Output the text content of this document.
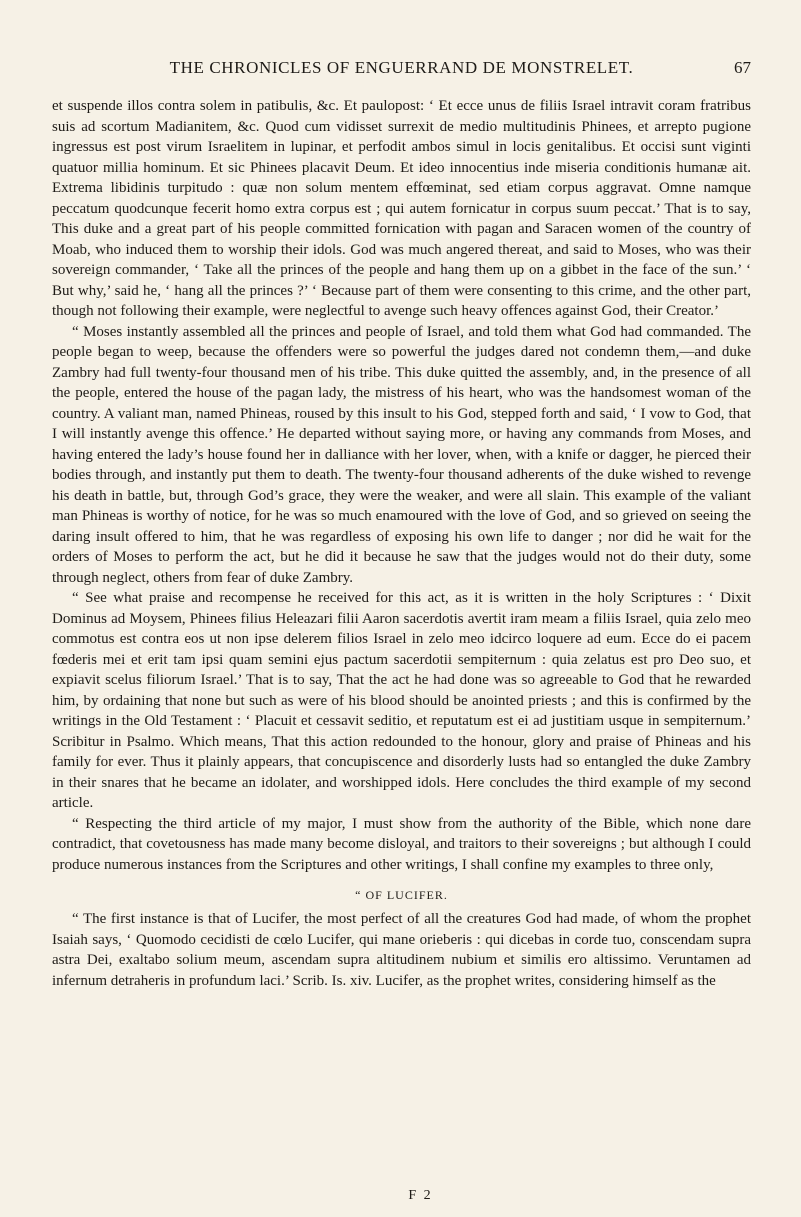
THE CHRONICLES OF ENGUERRAND DE MONSTRELET.	67

et suspende illos contra solem in patibulis, &c. Et paulopost: ‘ Et ecce unus de filiis Israel intravit coram fratribus suis ad scortum Madianitem, &c. Quod cum vidisset surrexit de medio multitudinis Phinees, et arrepto pugione ingressus est post virum Israelitem in lupinar, et perfodit ambos simul in locis genitalibus. Et occisi sunt viginti quatuor millia hominum. Et sic Phinees placavit Deum. Et ideo innocentius inde miseria conditionis humanæ ait. Extrema libidinis turpitudo : quæ non solum mentem effœminat, sed etiam corpus aggravat. Omne namque peccatum quodcunque fecerit homo extra corpus est ; qui autem fornicatur in corpus suum peccat.’ That is to say, This duke and a great part of his people committed fornication with pagan and Saracen women of the country of Moab, who induced them to worship their idols. God was much angered thereat, and said to Moses, who was their sovereign commander, ‘ Take all the princes of the people and hang them up on a gibbet in the face of the sun.’ ‘ But why,’ said he, ‘ hang all the princes ?’ ‘ Because part of them were consenting to this crime, and the other part, though not following their example, were neglectful to avenge such heavy offences against God, their Creator.’

“ Moses instantly assembled all the princes and people of Israel, and told them what God had commanded. The people began to weep, because the offenders were so powerful the judges dared not condemn them,—and duke Zambry had full twenty-four thousand men of his tribe. This duke quitted the assembly, and, in the presence of all the people, entered the house of the pagan lady, the mistress of his heart, who was the handsomest woman of the country. A valiant man, named Phineas, roused by this insult to his God, stepped forth and said, ‘ I vow to God, that I will instantly avenge this offence.’ He departed without saying more, or having any commands from Moses, and having entered the lady’s house found her in dalliance with her lover, when, with a knife or dagger, he pierced their bodies through, and instantly put them to death. The twenty-four thousand adherents of the duke wished to revenge his death in battle, but, through God’s grace, they were the weaker, and were all slain. This example of the valiant man Phineas is worthy of notice, for he was so much enamoured with the love of God, and so grieved on seeing the daring insult offered to him, that he was regardless of exposing his own life to danger ; nor did he wait for the orders of Moses to perform the act, but he did it because he saw that the judges would not do their duty, some through neglect, others from fear of duke Zambry.

“ See what praise and recompense he received for this act, as it is written in the holy Scriptures : ‘ Dixit Dominus ad Moysem, Phinees filius Heleazari filii Aaron sacerdotis avertit iram meam a filiis Israel, quia zelo meo commotus est contra eos ut non ipse delerem filios Israel in zelo meo idcirco loquere ad eum. Ecce do ei pacem fœderis mei et erit tam ipsi quam semini ejus pactum sacerdotii sempiternum : quia zelatus est pro Deo suo, et expiavit scelus filiorum Israel.’ That is to say, That the act he had done was so agreeable to God that he rewarded him, by ordaining that none but such as were of his blood should be anointed priests ; and this is confirmed by the writings in the Old Testament : ‘ Placuit et cessavit seditio, et reputatum est ei ad justitiam usque in sempiternum.’ Scribitur in Psalmo. Which means, That this action redounded to the honour, glory and praise of Phineas and his family for ever. Thus it plainly appears, that concupiscence and disorderly lusts had so entangled the duke Zambry in their snares that he became an idolater, and worshipped idols. Here concludes the third example of my second article.

“ Respecting the third article of my major, I must show from the authority of the Bible, which none dare contradict, that covetousness has made many become disloyal, and traitors to their sovereigns ; but although I could produce numerous instances from the Scriptures and other writings, I shall confine my examples to three only,

“ OF LUCIFER.

“ The first instance is that of Lucifer, the most perfect of all the creatures God had made, of whom the prophet Isaiah says, ‘ Quomodo cecidisti de cœlo Lucifer, qui mane orieberis : qui dicebas in corde tuo, conscendam supra astra Dei, exaltabo solium meum, ascendam supra altitudinem nubium et similis ero altissimo. Veruntamen ad infernum detraheris in profundum laci.’ Scrib. Is. xiv. Lucifer, as the prophet writes, considering himself as the

F 2
